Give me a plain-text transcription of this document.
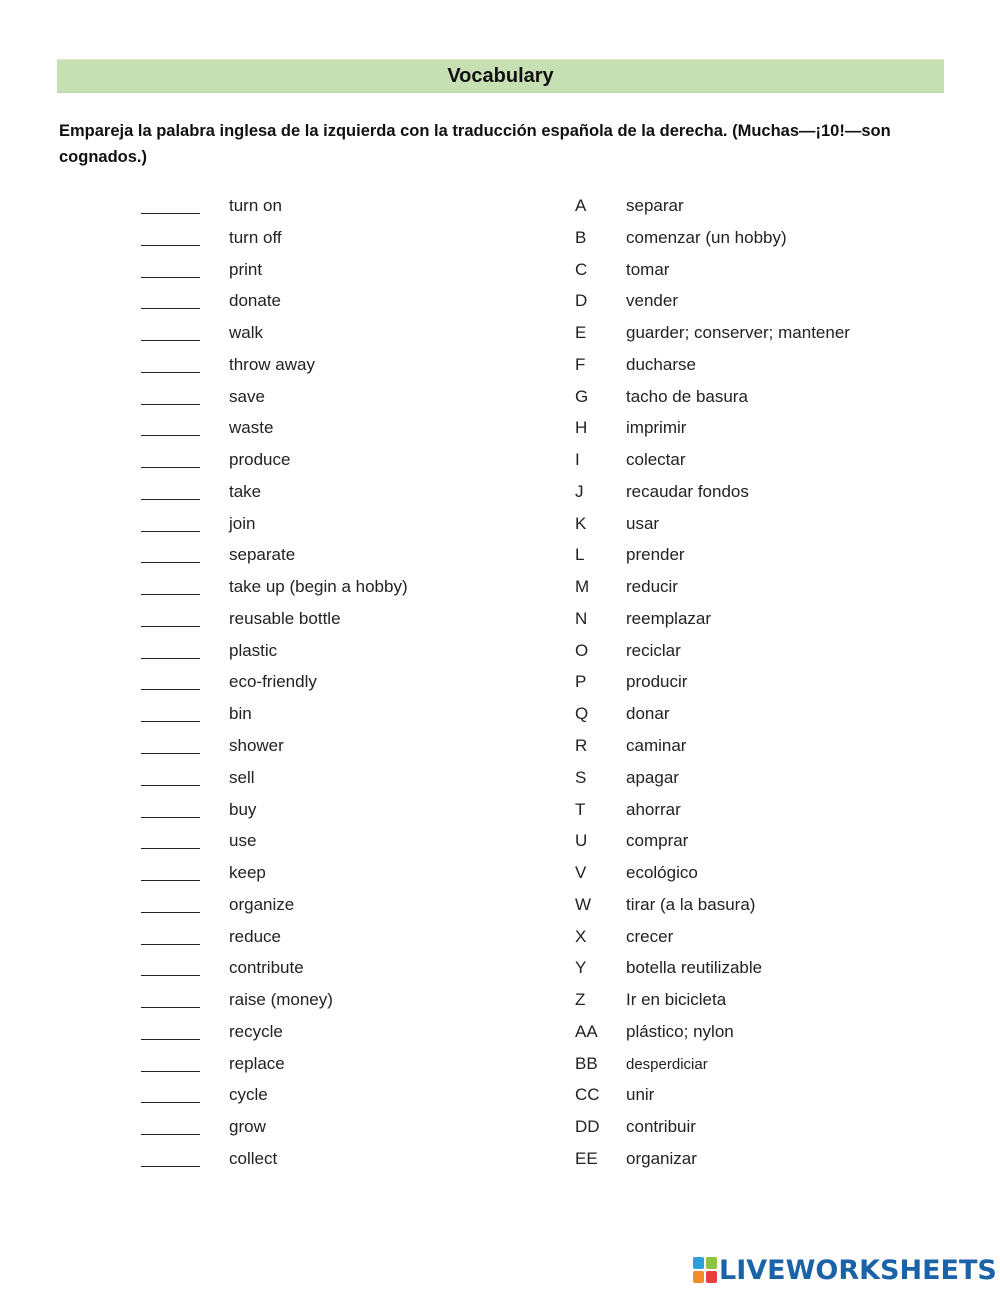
Vocabulary
Empareja la palabra inglesa de la izquierda con la traducción española de la derecha. (Muchas—¡10!—son cognados.)
turn on	A separar
turn off	B comenzar (un hobby)
print	C tomar
donate	D vender
walk	E guarder; conserver; mantener
throw away	F ducharse
save	G tacho de basura
waste	H imprimir
produce	I	colectar
take	J	recaudar fondos
join	K usar
separate	L prender
take up (begin a hobby)	M reducir
reusable bottle	N reemplazar
plastic	O reciclar
eco-friendly	P producir
bin	Q donar
shower	R caminar
sell	S apagar
buy	T ahorrar
use	U comprar
keep	V ecológico
organize	W tirar (a la basura)
reduce	X crecer
contribute	Y botella reutilizable
raise (money)	Z Ir en bicicleta
recycle	AA plástico; nylon
replace	BB desperdiciar
cycle	CC unir
grow	DD contribuir
collect	EE organizar
LIVEWORKSHEETS
